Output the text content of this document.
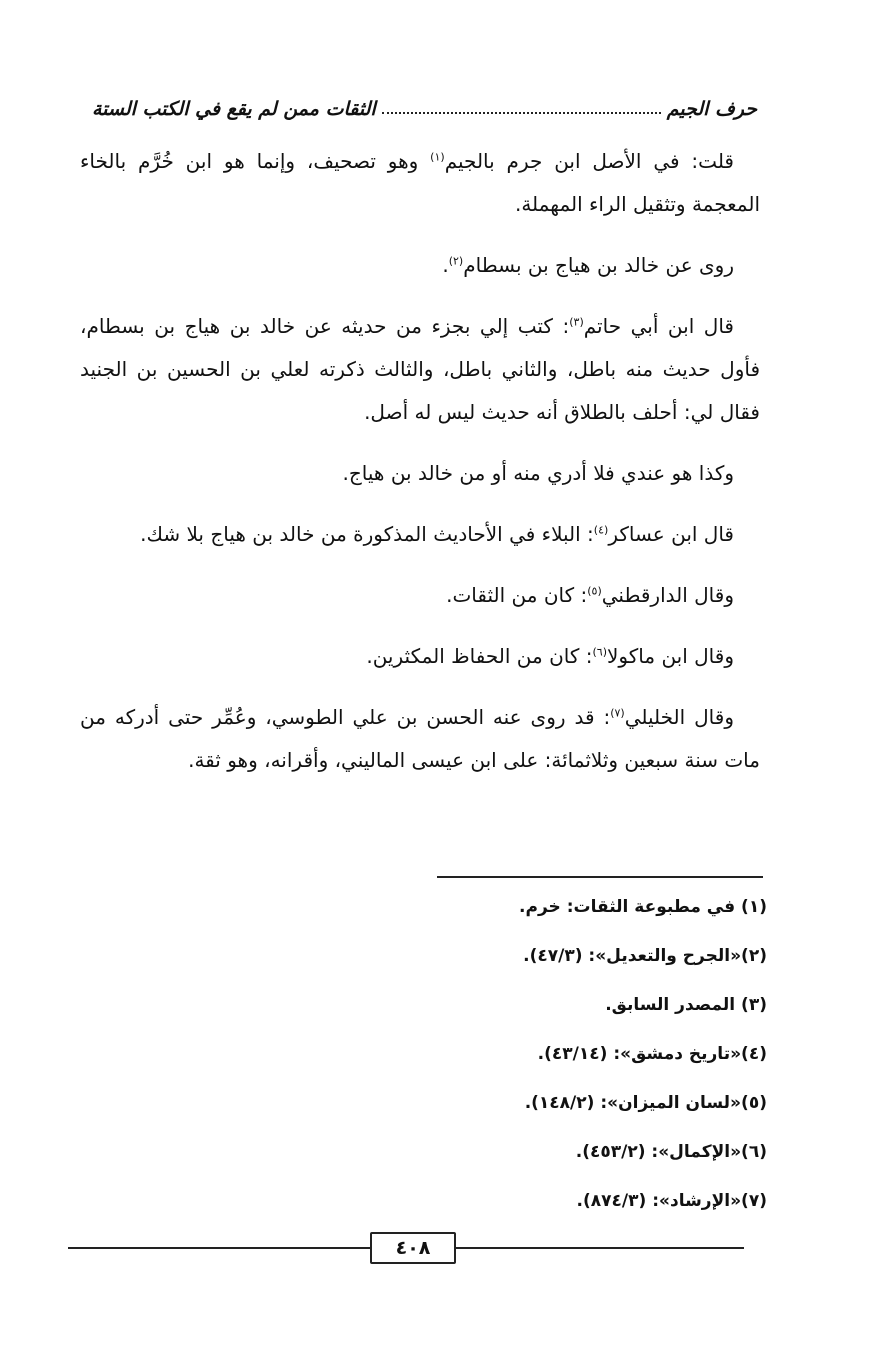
حرف الجيم
الثقات ممن لم يقع في الكتب الستة

قلت: في الأصل ابن جرم بالجيم$^{(١)}$ وهو تصحيف، وإنما هو ابن خُرَّم بالخاء المعجمة وتثقيل الراء المهملة.

روى عن خالد بن هياج بن بسطام$^{(٢)}$.

قال ابن أبي حاتم$^{(٣)}$: كتب إلي بجزء من حديثه عن خالد بن هياج بن بسطام، فأول حديث منه باطل، والثاني باطل، والثالث ذكرته لعلي بن الحسين بن الجنيد فقال لي: أحلف بالطلاق أنه حديث ليس له أصل.

وكذا هو عندي فلا أدري منه أو من خالد بن هياج.

قال ابن عساكر$^{(٤)}$: البلاء في الأحاديث المذكورة من خالد بن هياج بلا شك.

وقال الدارقطني$^{(٥)}$: كان من الثقات.

وقال ابن ماكولا$^{(٦)}$: كان من الحفاظ المكثرين.

وقال الخليلي$^{(٧)}$: قد روى عنه الحسن بن علي الطوسي، وعُمِّر حتى أدركه من مات سنة سبعين وثلاثمائة: على ابن عيسى الماليني، وأقرانه، وهو ثقة.

(١) في مطبوعة الثقات: خرم.
(٢)«الجرح والتعديل»: (٤٧/٣).
(٣) المصدر السابق.
(٤)«تاريخ دمشق»: (٤٣/١٤).
(٥)«لسان الميزان»: (١٤٨/٢).
(٦)«الإكمال»: (٤٥٣/٢).
(٧)«الإرشاد»: (٨٧٤/٣).
٤٠٨
